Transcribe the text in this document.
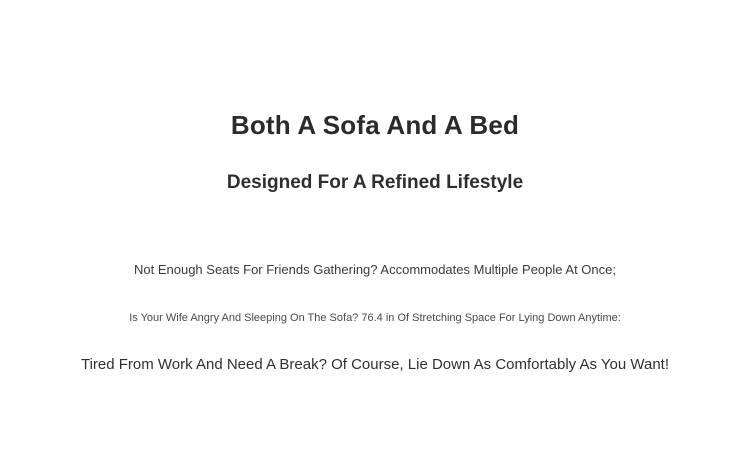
Both A Sofa And A Bed
Designed For A Refined Lifestyle
Not Enough Seats For Friends Gathering? Accommodates Multiple People At Once;
Is Your Wife Angry And Sleeping On The Sofa? 76.4 in Of Stretching Space For Lying Down Anytime:
Tired From Work And Need A Break? Of Course, Lie Down As Comfortably As You Want!
